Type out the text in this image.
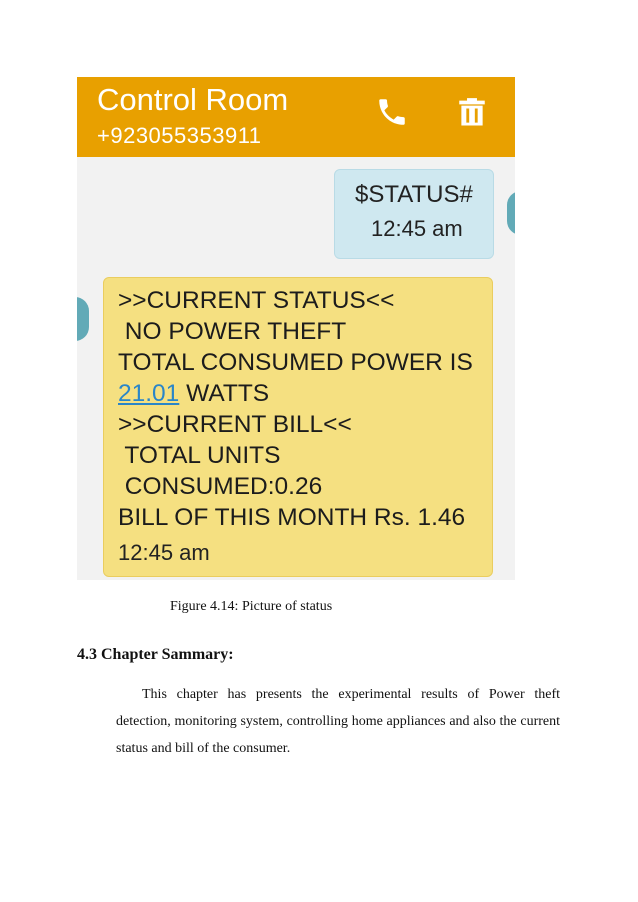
Control Room
+923055353911
$STATUS#
12:45 am
>>CURRENT STATUS<<
NO POWER THEFT
TOTAL CONSUMED POWER IS
21.01 WATTS
>>CURRENT BILL<<
TOTAL UNITS
CONSUMED:0.26
BILL OF THIS MONTH Rs. 1.46
12:45 am
Figure 4.14: Picture of status
4.3 Chapter Sammary:
This chapter has presents the experimental results of Power theft detection, monitoring system, controlling home appliances and also the current status and bill of the consumer.
